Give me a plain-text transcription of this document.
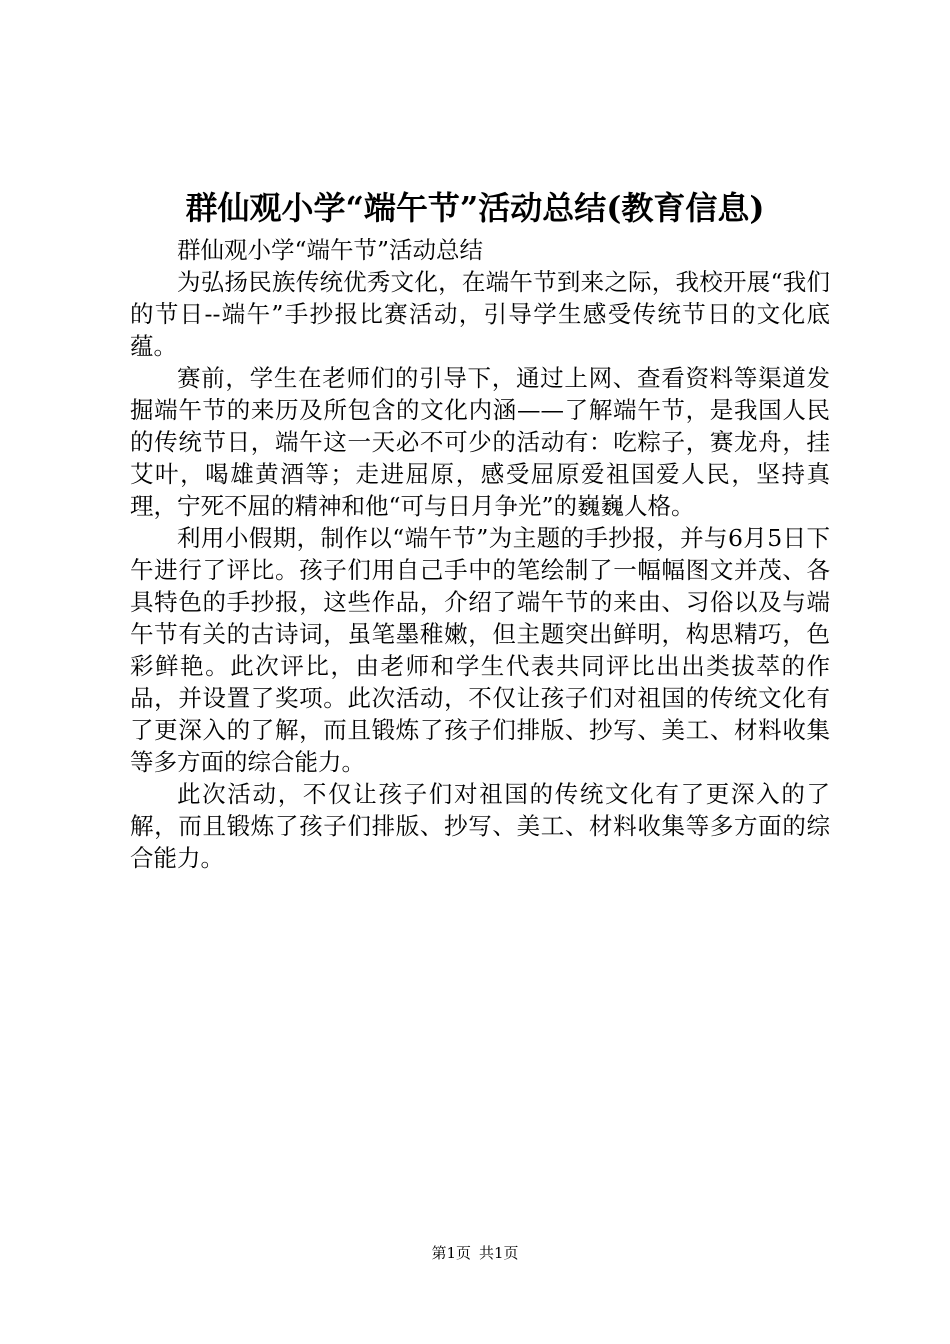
群仙观小学“端午节”活动总结(教育信息)

群仙观小学“端午节”活动总结

为弘扬民族传统优秀文化，在端午节到来之际，我校开展“我们的节日--端午”手抄报比赛活动，引导学生感受传统节日的文化底蕴。

赛前，学生在老师们的引导下，通过上网、查看资料等渠道发掘端午节的来历及所包含的文化内涵——了解端午节，是我国人民的传统节日，端午这一天必不可少的活动有：吃粽子，赛龙舟，挂艾叶，喝雄黄酒等；走进屈原，感受屈原爱祖国爱人民，坚持真理，宁死不屈的精神和他“可与日月争光”的巍巍人格。

利用小假期，制作以“端午节”为主题的手抄报，并与6月5日下午进行了评比。孩子们用自己手中的笔绘制了一幅幅图文并茂、各具特色的手抄报，这些作品，介绍了端午节的来由、习俗以及与端午节有关的古诗词，虽笔墨稚嫩，但主题突出鲜明，构思精巧，色彩鲜艳。此次评比，由老师和学生代表共同评比出出类拔萃的作品，并设置了奖项。此次活动，不仅让孩子们对祖国的传统文化有了更深入的了解，而且锻炼了孩子们排版、抄写、美工、材料收集等多方面的综合能力。

此次活动，不仅让孩子们对祖国的传统文化有了更深入的了解，而且锻炼了孩子们排版、抄写、美工、材料收集等多方面的综合能力。

第1页 共1页
